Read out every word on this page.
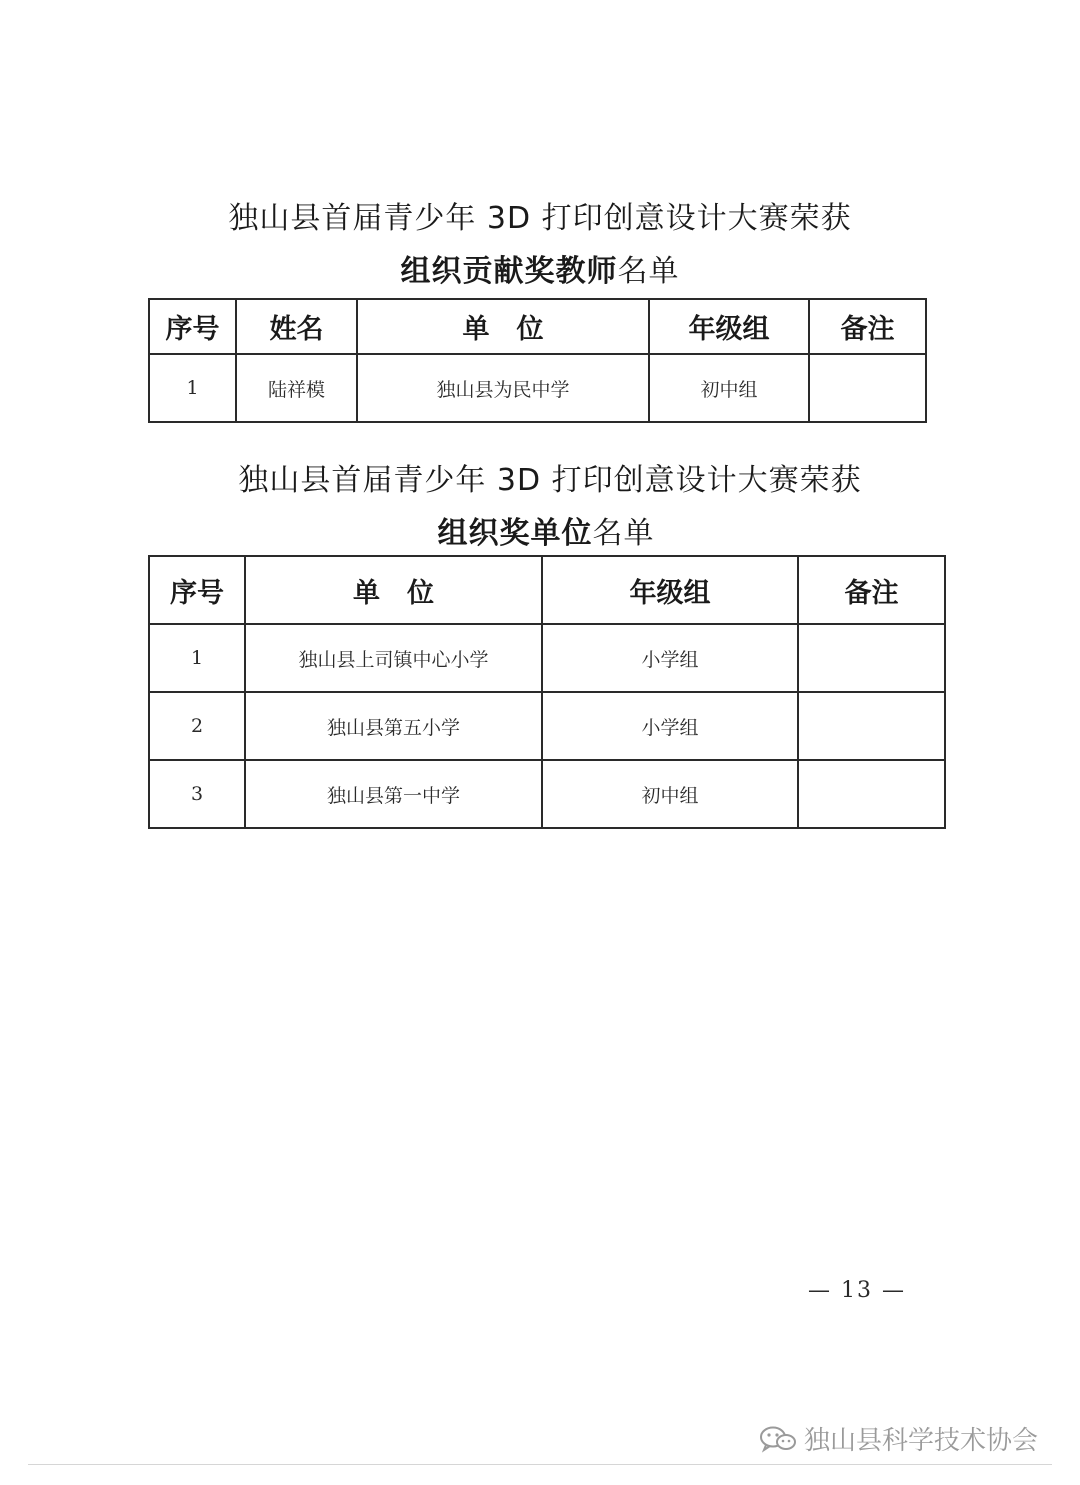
独山县首届青少年 3D 打印创意设计大赛荣获
组织贡献奖教师名单
序号	姓名	单　位	年级组	备注
1	陆祥模	独山县为民中学	初中组	
独山县首届青少年 3D 打印创意设计大赛荣获
组织奖单位名单
序号	单　位	年级组	备注
1	独山县上司镇中心小学	小学组	
2	独山县第五小学	小学组	
3	独山县第一中学	初中组	
— 13 —
独山县科学技术协会
